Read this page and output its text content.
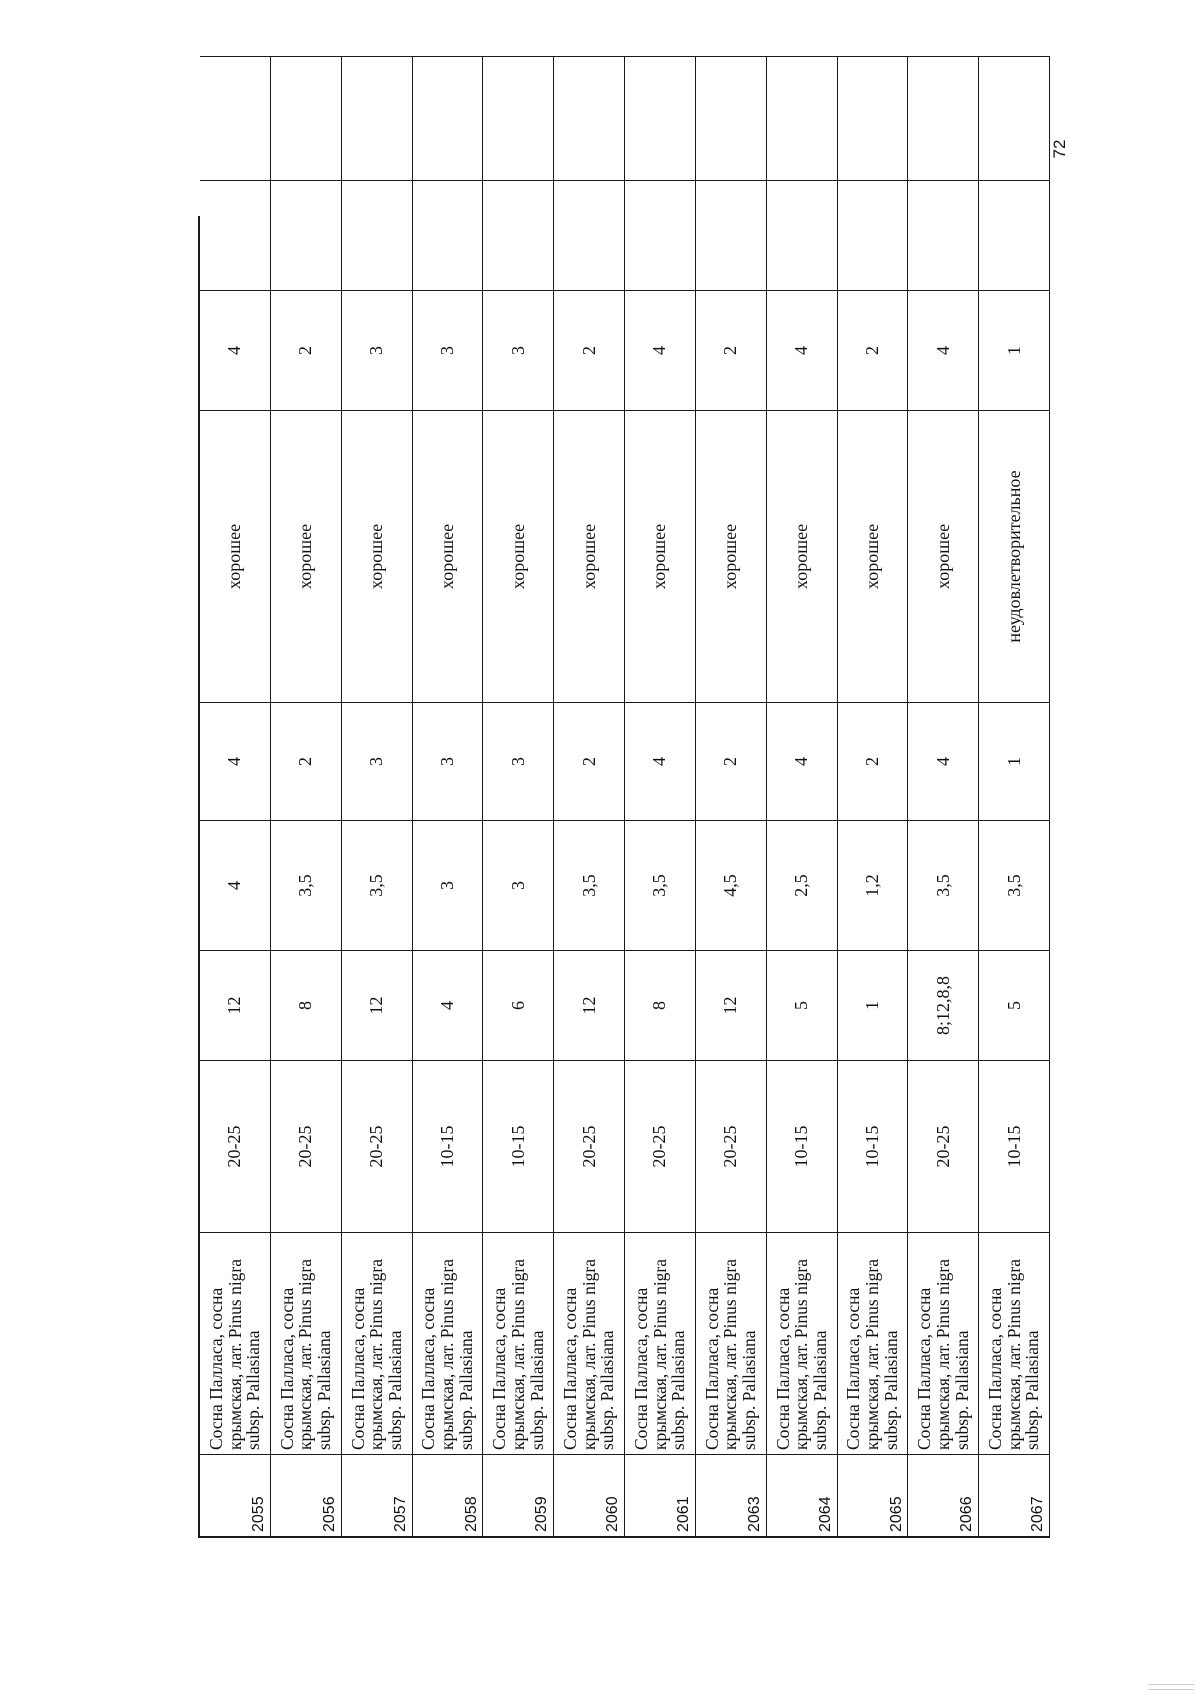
72
2055
Сосна Палласа, сосна крымская, лат. Pinus nigra subsp. Pallasiana
20-25
12
4
4
хорошее
4
2056
Сосна Палласа, сосна крымская, лат. Pinus nigra subsp. Pallasiana
20-25
8
3,5
2
хорошее
2
2057
Сосна Палласа, сосна крымская, лат. Pinus nigra subsp. Pallasiana
20-25
12
3,5
3
хорошее
3
2058
Сосна Палласа, сосна крымская, лат. Pinus nigra subsp. Pallasiana
10-15
4
3
3
хорошее
3
2059
Сосна Палласа, сосна крымская, лат. Pinus nigra subsp. Pallasiana
10-15
6
3
3
хорошее
3
2060
Сосна Палласа, сосна крымская, лат. Pinus nigra subsp. Pallasiana
20-25
12
3,5
2
хорошее
2
2061
Сосна Палласа, сосна крымская, лат. Pinus nigra subsp. Pallasiana
20-25
8
3,5
4
хорошее
4
2063
Сосна Палласа, сосна крымская, лат. Pinus nigra subsp. Pallasiana
20-25
12
4,5
2
хорошее
2
2064
Сосна Палласа, сосна крымская, лат. Pinus nigra subsp. Pallasiana
10-15
5
2,5
4
хорошее
4
2065
Сосна Палласа, сосна крымская, лат. Pinus nigra subsp. Pallasiana
10-15
1
1,2
2
хорошее
2
2066
Сосна Палласа, сосна крымская, лат. Pinus nigra subsp. Pallasiana
20-25
8;12,8,8
3,5
4
хорошее
4
2067
Сосна Палласа, сосна крымская, лат. Pinus nigra subsp. Pallasiana
10-15
5
3,5
1
неудовлетворительное
1
